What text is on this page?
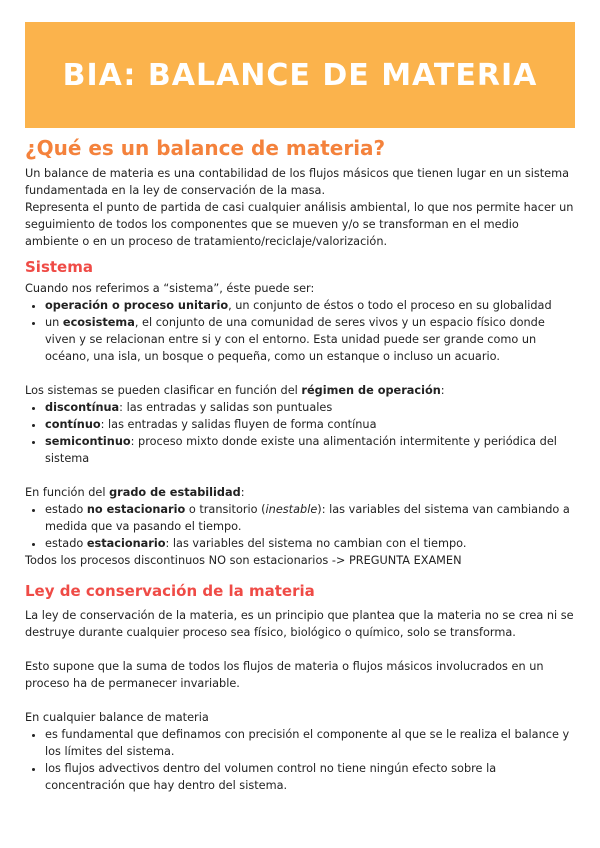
BIA: BALANCE DE MATERIA
¿Qué es un balance de materia?

Un balance de materia es una contabilidad de los flujos másicos que tienen lugar en un sistema fundamentada en la ley de conservación de la masa.

Representa el punto de partida de casi cualquier análisis ambiental, lo que nos permite hacer un seguimiento de todos los componentes que se mueven y/o se transforman en el medio ambiente o en un proceso de tratamiento/reciclaje/valorización.

Sistema

Cuando nos referimos a “sistema”, éste puede ser:

• operación o proceso unitario, un conjunto de éstos o todo el proceso en su globalidad
• un ecosistema, el conjunto de una comunidad de seres vivos y un espacio físico donde viven y se relacionan entre si y con el entorno. Esta unidad puede ser grande como un océano, una isla, un bosque o pequeña, como un estanque o incluso un acuario.

Los sistemas se pueden clasificar en función del régimen de operación:

• discontínua: las entradas y salidas son puntuales
• contínuo: las entradas y salidas fluyen de forma contínua
• semicontinuo: proceso mixto donde existe una alimentación intermitente y periódica del sistema

En función del grado de estabilidad:

• estado no estacionario o transitorio (inestable): las variables del sistema van cambiando a medida que va pasando el tiempo.
• estado estacionario: las variables del sistema no cambian con el tiempo.

Todos los procesos discontinuos NO son estacionarios -> PREGUNTA EXAMEN

Ley de conservación de la materia

La ley de conservación de la materia, es un principio que plantea que la materia no se crea ni se destruye durante cualquier proceso sea físico, biológico o químico, solo se transforma.

Esto supone que la suma de todos los flujos de materia o flujos másicos involucrados en un proceso ha de permanecer invariable.

En cualquier balance de materia

• es fundamental que definamos con precisión el componente al que se le realiza el balance y los límites del sistema.
• los flujos advectivos dentro del volumen control no tiene ningún efecto sobre la concentración que hay dentro del sistema.
